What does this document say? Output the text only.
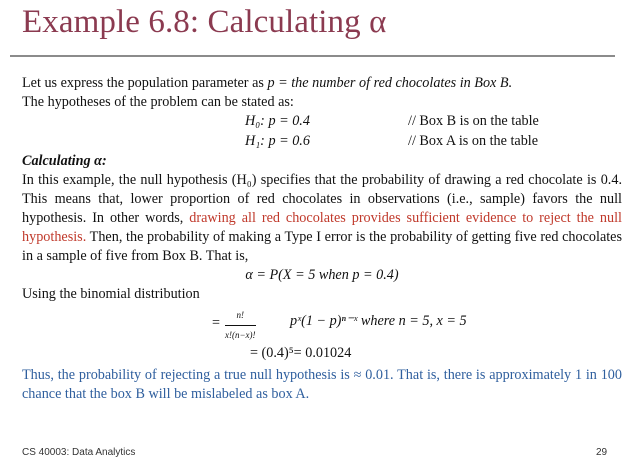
Example 6.8: Calculating α

Let us express the population parameter as p = the number of red chocolates in Box B.

The hypotheses of the problem can be stated as:

H₀: p = 0.4	// Box B is on the table
H₁: p = 0.6	// Box A is on the table

Calculating α:

In this example, the null hypothesis (H₀) specifies that the probability of drawing a red chocolate is 0.4. This means that, lower proportion of red chocolates in observations (i.e., sample) favors the null hypothesis. In other words, drawing all red chocolates provides sufficient evidence to reject the null hypothesis. Then, the probability of making a Type I error is the probability of getting five red chocolates in a sample of five from Box B. That is,

α = P(X = 5 when p = 0.4)

Using the binomial distribution

= $\frac{n!}{x!(n-x)!}$ pˣ(1 − p)ⁿ⁻ˣ where n = 5, x = 5
= (0.4)⁵= 0.01024

Thus, the probability of rejecting a true null hypothesis is ≈ 0.01. That is, there is approximately 1 in 100 chance that the box B will be mislabeled as box A.

CS 40003: Data Analytics	29
